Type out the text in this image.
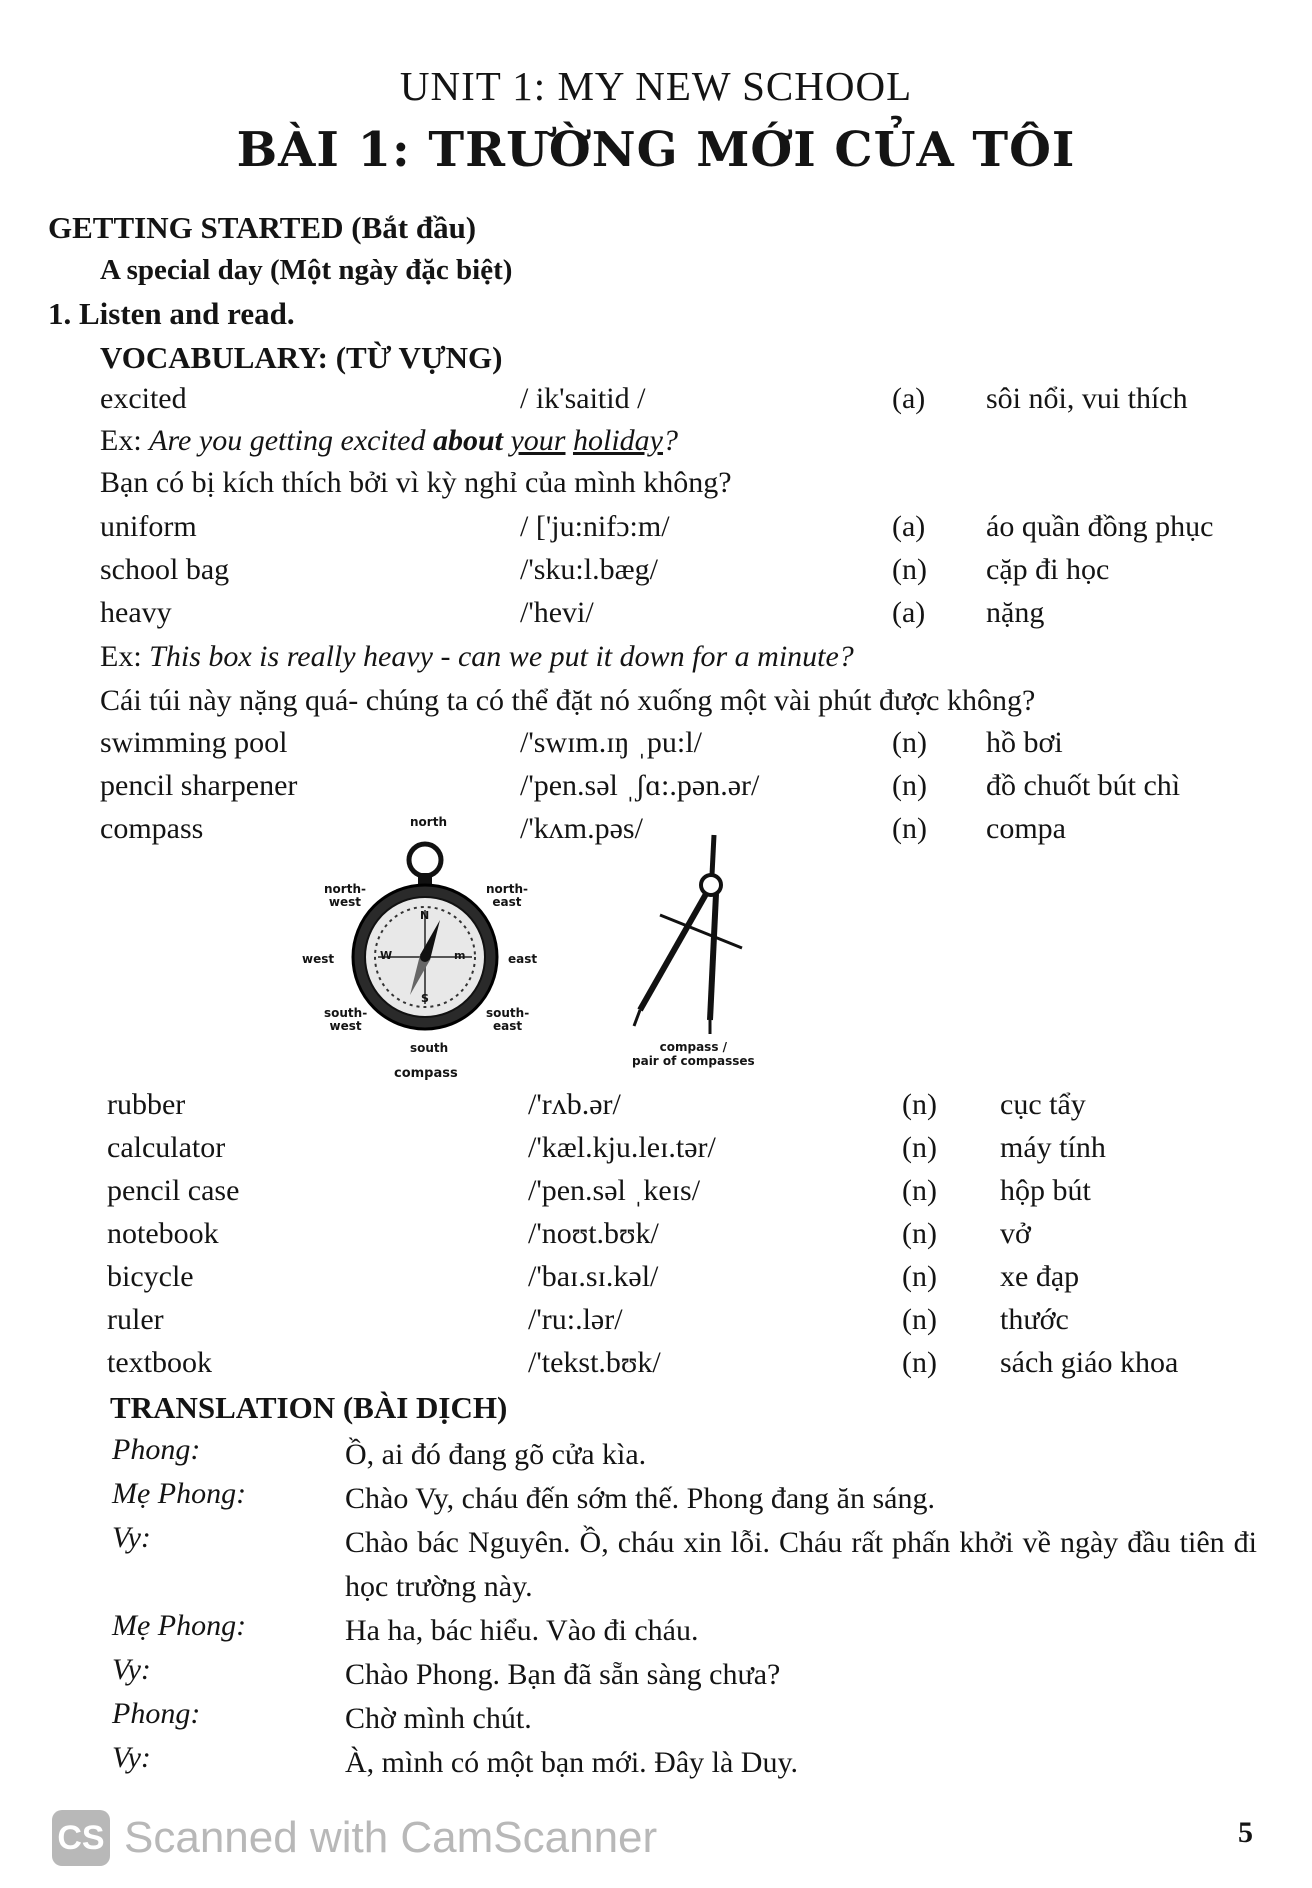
UNIT 1: MY NEW SCHOOL
BÀI 1: TRƯỜNG MỚI CỦA TÔI
GETTING STARTED (Bắt đầu)
A special day (Một ngày đặc biệt)
1. Listen and read.
VOCABULARY: (TỪ VỰNG)
excited	/ ik'saitid /	(a) sôi nổi, vui thích
Ex: Are you getting excited about your holiday?
Bạn có bị kích thích bởi vì kỳ nghỉ của mình không?
uniform	/ ['ju:nifɔ:m/	(a) áo quần đồng phục
school bag	/'sku:l.bæg/	(n) cặp đi học
heavy	/'hevi/	(a) nặng
Ex: This box is really heavy - can we put it down for a minute?
Cái túi này nặng quá- chúng ta có thể đặt nó xuống một vài phút được không?
swimming pool	/'swɪm.ɪŋ ˌpu:l/	(n) hồ bơi
pencil sharpener	/'pen.səl ˌʃɑ:.pən.ər/	(n) đồ chuốt bút chì
compass	/'kʌm.pəs/	(n) compa
north
north-
west
north-
east
west	east
south-
west
south-
east
south
compass
N
S
W	m
compass /
pair of compasses
rubber	/'rʌb.ər/	(n) cục tẩy
calculator	/'kæl.kju.leɪ.tər/	(n) máy tính
pencil case	/'pen.səl ˌkeɪs/	(n) hộp bút
notebook	/'noʊt.bʊk/	(n) vở
bicycle	/'baɪ.sɪ.kəl/	(n) xe đạp
ruler	/'ru:.lər/	(n) thước
textbook	/'tekst.bʊk/	(n) sách giáo khoa
TRANSLATION (BÀI DỊCH)
Phong:	Ồ, ai đó đang gõ cửa kìa.
Mẹ Phong:	Chào Vy, cháu đến sớm thế. Phong đang ăn sáng.
Vy:	Chào bác Nguyên. Ồ, cháu xin lỗi. Cháu rất phấn khởi về ngày đầu tiên đi học trường này.
Mẹ Phong:	Ha ha, bác hiểu. Vào đi cháu.
Vy:	Chào Phong. Bạn đã sẵn sàng chưa?
Phong:	Chờ mình chút.
Vy:	À, mình có một bạn mới. Đây là Duy.
CS Scanned with CamScanner	5
